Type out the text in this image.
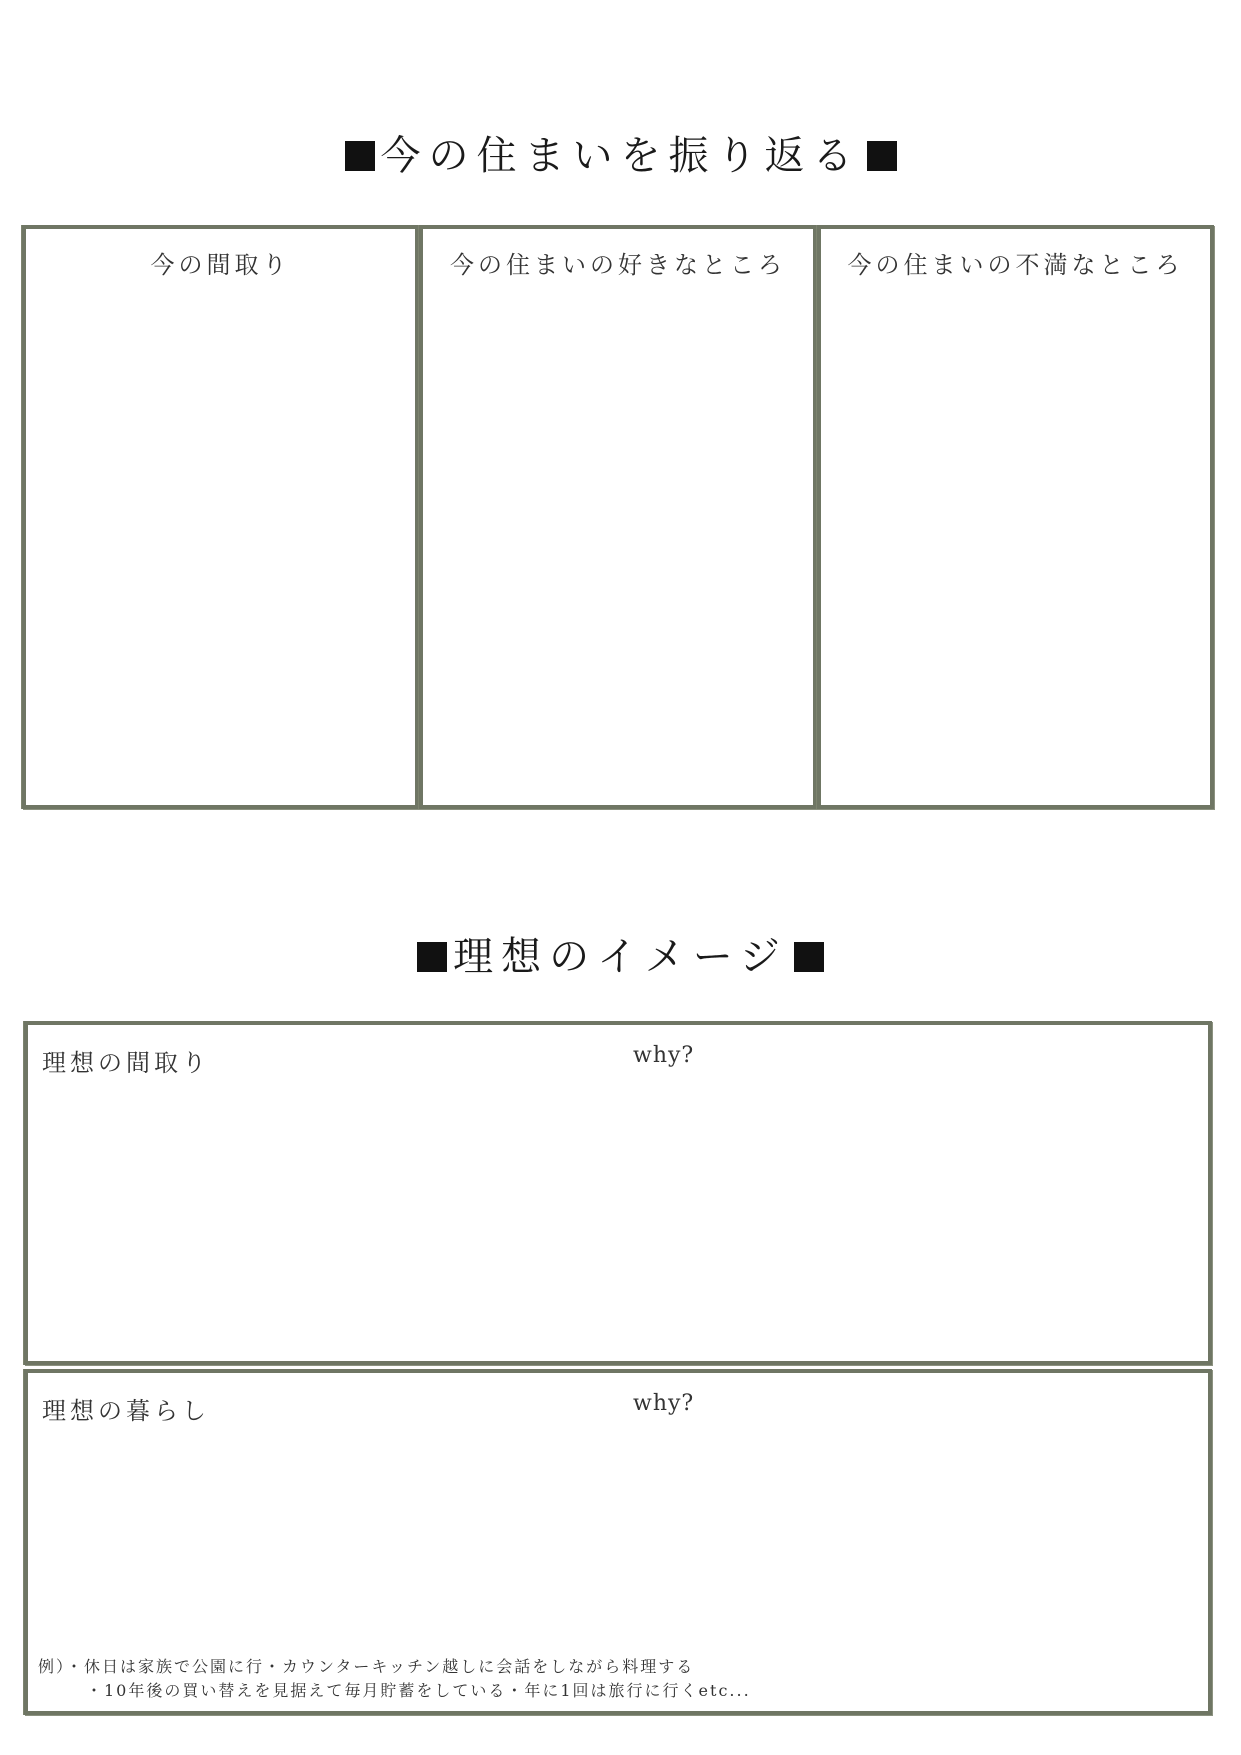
今の住まいを振り返る
今の間取り	今の住まいの好きなところ	今の住まいの不満なところ
理想のイメージ
理想の間取り	why?
理想の暮らし	why?
例）・休日は家族で公園に行・カウンターキッチン越しに会話をしながら料理する
・10年後の買い替えを見据えて毎月貯蓄をしている・年に1回は旅行に行くetc...
